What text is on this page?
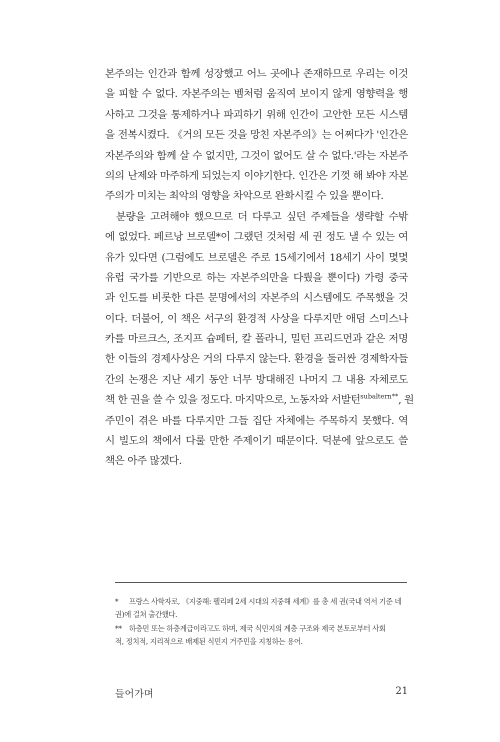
본주의는 인간과 함께 성장했고 어느 곳에나 존재하므로 우리는 이것
을 피할 수 없다. 자본주의는 벰처럼 움직여 보이지 않게 영향력을 행
사하고 그것을 통제하거나 파괴하기 위해 인간이 고안한 모든 시스템
을 전복시켰다. 《거의 모든 것을 망친 자본주의》는 어쩌다가 '인간은
자본주의와 함께 살 수 없지만, 그것이 없어도 살 수 없다.'라는 자본주
의의 난제와 마주하게 되었는지 이야기한다. 인간은 기껏 해 봐야 자본
주의가 미치는 최악의 영향을 차악으로 완화시킬 수 있을 뿐이다.
분량을 고려해야 했으므로 더 다루고 싶던 주제들을 생략할 수밖
에 없었다. 페르낭 브로델*이 그랬던 것처럼 세 권 정도 낼 수 있는 여
유가 있다면 (그럼에도 브로델은 주로 15세기에서 18세기 사이 몇몇
유럽 국가를 기반으로 하는 자본주의만을 다뤘을 뿐이다) 가령 중국
과 인도를 비롯한 다른 문명에서의 자본주의 시스템에도 주목했을 것
이다. 더불어, 이 책은 서구의 환경적 사상을 다루지만 애덤 스미스나
카를 마르크스, 조지프 슘페터, 칼 폴라니, 밀턴 프리드먼과 같은 저명
한 이들의 경제사상은 거의 다루지 않는다. 환경을 둘러싼 경제학자들
간의 논쟁은 지난 세기 동안 너무 방대해진 나머지 그 내용 자체로도
책 한 권을 쓸 수 있을 정도다. 마지막으로, 노동자와 서발턴$^{subaltern**}$, 원
주민이 겪은 바를 다루지만 그들 집단 자체에는 주목하지 못했다. 역
시 빌도의 책에서 다룰 만한 주제이기 때문이다. 덕분에 앞으로도 쓸
책은 아주 많겠다.
* 프랑스 사학자로, 《지중해: 펠리페 2세 시대의 지중해 세계》를 총 세 권(국내 역서 기준 네
권)에 걸쳐 출간했다.
** 하층민 또는 하층계급이라고도 하며, 제국 식민지의 계층 구조와 제국 본토로부터 사회
적, 정치적, 지리적으로 배제된 식민지 거주민을 지칭하는 용어.
들어가며	21
